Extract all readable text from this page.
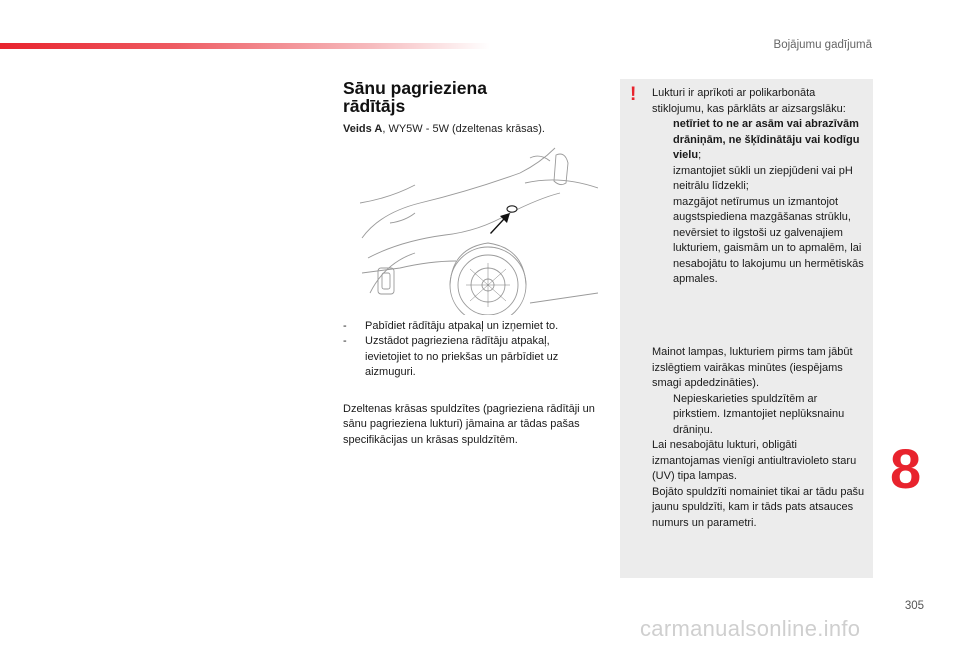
Bojājumu gadījumā
Sānu pagrieziena
rādītājs
Veids A, WY5W - 5W (dzeltenas krāsas).
- Pabīdiet rādītāju atpakaļ un izņemiet to.
- Uzstādot pagrieziena rādītāju atpakaļ, ievietojiet to no priekšas un pārbīdiet uz aizmuguri.

Dzeltenas krāsas spuldzītes (pagrieziena rādītāji un sānu pagrieziena lukturi) jāmaina ar tādas pašas specifikācijas un krāsas spuldzītēm.

!	Lukturi ir aprīkoti ar polikarbonāta stiklojumu, kas pārklāts ar aizsargslāku:

netīriet to ne ar asām vai abrazīvām drāniņām, ne šķīdinātāju vai kodīgu vielu;
izmantojiet sūkli un ziepjūdeni vai pH neitrālu līdzekli;
mazgājot netīrumus un izmantojot augstspiediena mazgāšanas strūklu, nevērsiet to ilgstoši uz galvenajiem lukturiem, gaismām un to apmalēm, lai nesabojātu to lakojumu un hermētiskās apmales.

Mainot lampas, lukturiem pirms tam jābūt izslēgtiem vairākas minūtes (iespējams smagi apdedzināties).

Nepieskarieties spuldzītēm ar pirkstiem. Izmantojiet neplūksnainu drāniņu.

Lai nesabojātu lukturi, obligāti izmantojamas vienīgi antiultravioleto staru (UV) tipa lampas.

Bojāto spuldzīti nomainiet tikai ar tādu pašu jaunu spuldzīti, kam ir tāds pats atsauces numurs un parametri.

8
305
carmanualsonline.info
